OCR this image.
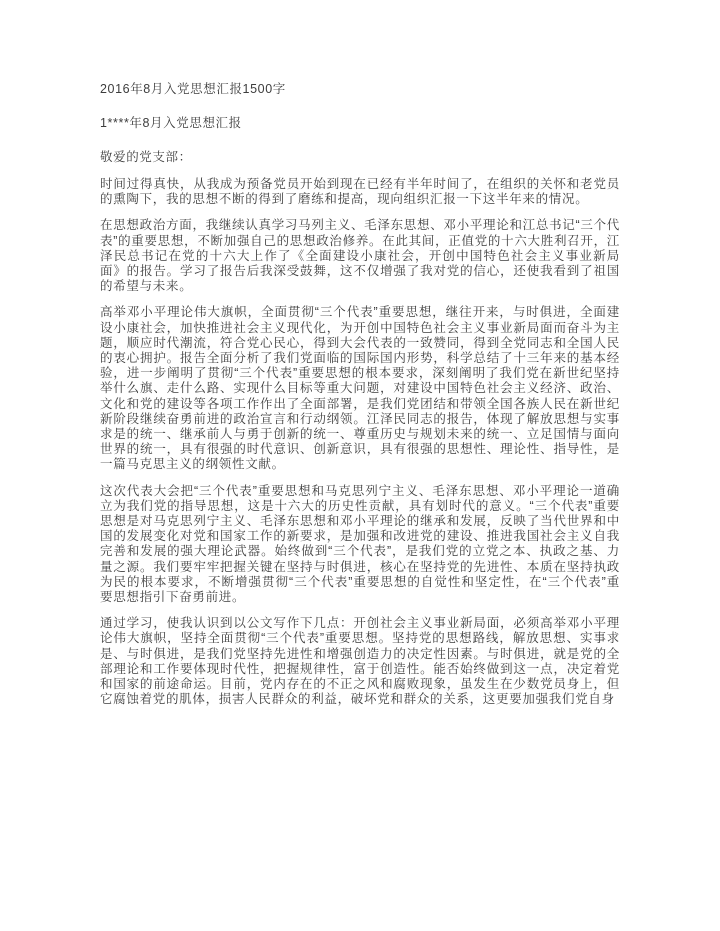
2016年8月入党思想汇报1500字
1****年8月入党思想汇报
敬爱的党支部：
时间过得真快，从我成为预备党员开始到现在已经有半年时间了，在组织的关怀和老党员的熏陶下，我的思想不断的得到了磨练和提高，现向组织汇报一下这半年来的情况。
在思想政治方面，我继续认真学习马列主义、毛泽东思想、邓小平理论和江总书记“三个代表”的重要思想，不断加强自己的思想政治修养。在此其间，正值党的十六大胜利召开，江泽民总书记在党的十六大上作了《全面建设小康社会，开创中国特色社会主义事业新局面》的报告。学习了报告后我深受鼓舞，这不仅增强了我对党的信心，还使我看到了祖国的希望与未来。
高举邓小平理论伟大旗帜，全面贯彻“三个代表”重要思想，继往开来，与时俱进，全面建设小康社会，加快推进社会主义现代化，为开创中国特色社会主义事业新局面而奋斗为主题，顺应时代潮流，符合党心民心，得到大会代表的一致赞同，得到全党同志和全国人民的衷心拥护。报告全面分析了我们党面临的国际国内形势，科学总结了十三年来的基本经验，进一步阐明了贯彻“三个代表”重要思想的根本要求，深刻阐明了我们党在新世纪坚持举什么旗、走什么路、实现什么目标等重大问题，对建设中国特色社会主义经济、政治、文化和党的建设等各项工作作出了全面部署，是我们党团结和带领全国各族人民在新世纪新阶段继续奋勇前进的政治宣言和行动纲领。江泽民同志的报告，体现了解放思想与实事求是的统一、继承前人与勇于创新的统一、尊重历史与规划未来的统一、立足国情与面向世界的统一，具有很强的时代意识、创新意识，具有很强的思想性、理论性、指导性，是一篇马克思主义的纲领性文献。
这次代表大会把“三个代表”重要思想和马克思列宁主义、毛泽东思想、邓小平理论一道确立为我们党的指导思想，这是十六大的历史性贡献，具有划时代的意义。“三个代表”重要思想是对马克思列宁主义、毛泽东思想和邓小平理论的继承和发展，反映了当代世界和中国的发展变化对党和国家工作的新要求，是加强和改进党的建设、推进我国社会主义自我完善和发展的强大理论武器。始终做到“三个代表”，是我们党的立党之本、执政之基、力量之源。我们要牢牢把握关键在坚持与时俱进，核心在坚持党的先进性、本质在坚持执政为民的根本要求，不断增强贯彻“三个代表”重要思想的自觉性和坚定性，在“三个代表”重要思想指引下奋勇前进。
通过学习，使我认识到以公文写作下几点：开创社会主义事业新局面，必须高举邓小平理论伟大旗帜，坚持全面贯彻“三个代表”重要思想。坚持党的思想路线，解放思想、实事求是、与时俱进，是我们党坚持先进性和增强创造力的决定性因素。与时俱进，就是党的全部理论和工作要体现时代性，把握规律性，富于创造性。能否始终做到这一点，决定着党和国家的前途命运。目前，党内存在的不正之风和腐败现象，虽发生在少数党员身上，但它腐蚀着党的肌体，损害人民群众的利益，破坏党和群众的关系，这更要加强我们党自身
